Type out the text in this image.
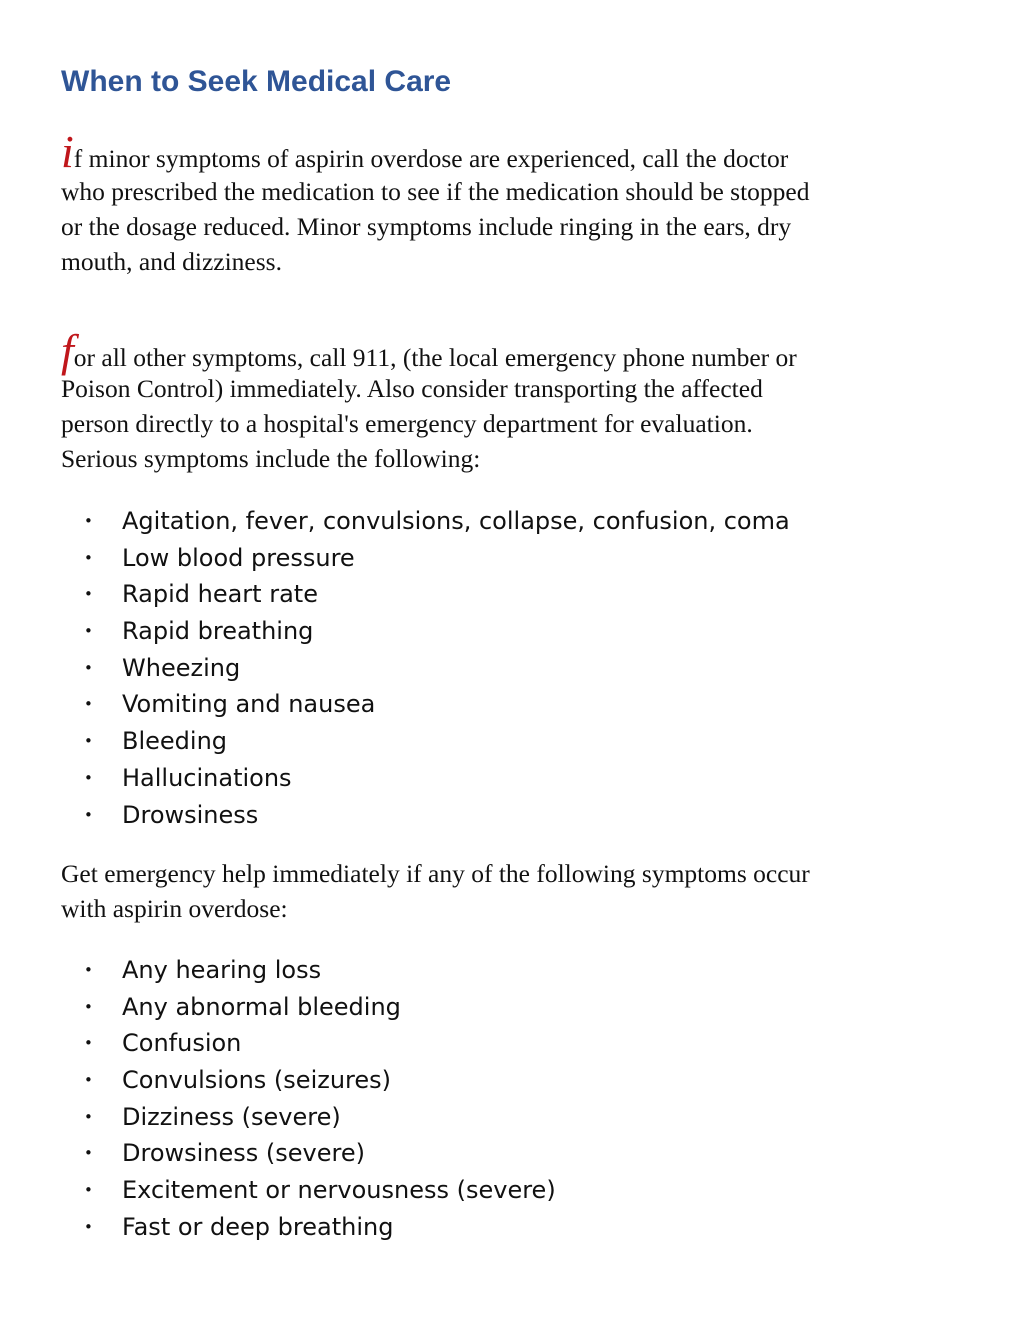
When to Seek Medical Care

if minor symptoms of aspirin overdose are experienced, call the doctor
who prescribed the medication to see if the medication should be stopped
or the dosage reduced. Minor symptoms include ringing in the ears, dry
mouth, and dizziness.

for all other symptoms, call 911, (the local emergency phone number or
Poison Control) immediately. Also consider transporting the affected
person directly to a hospital's emergency department for evaluation.
Serious symptoms include the following:

• Agitation, fever, convulsions, collapse, confusion, coma
• Low blood pressure
• Rapid heart rate
• Rapid breathing
• Wheezing
• Vomiting and nausea
• Bleeding
• Hallucinations
• Drowsiness

Get emergency help immediately if any of the following symptoms occur
with aspirin overdose:

• Any hearing loss
• Any abnormal bleeding
• Confusion
• Convulsions (seizures)
• Dizziness (severe)
• Drowsiness (severe)
• Excitement or nervousness (severe)
• Fast or deep breathing
